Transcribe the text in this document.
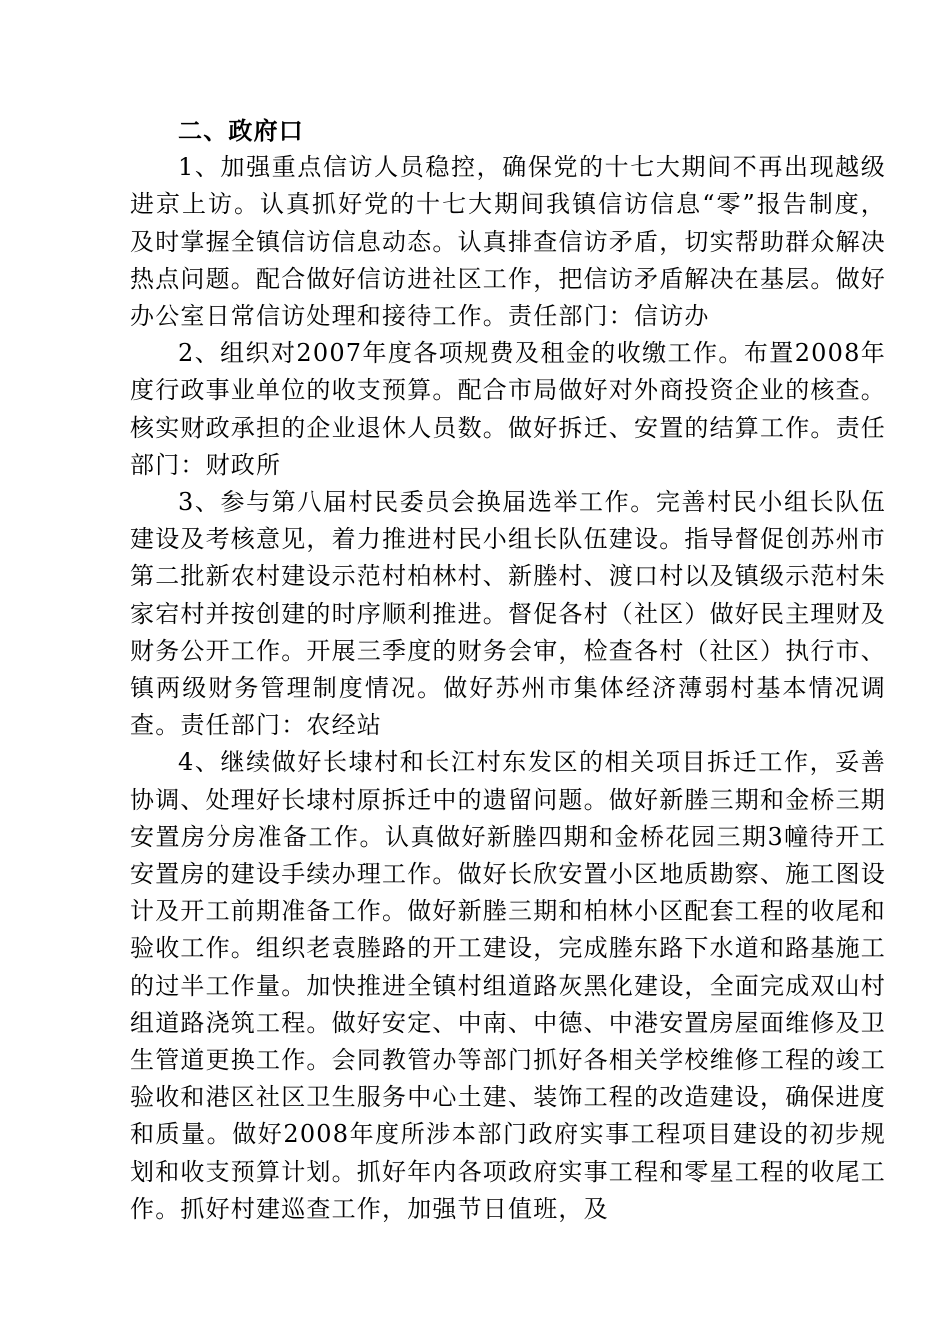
二、政府口

1、加强重点信访人员稳控，确保党的十七大期间不再出现越级进京上访。认真抓好党的十七大期间我镇信访信息“零”报告制度，及时掌握全镇信访信息动态。认真排查信访矛盾，切实帮助群众解决热点问题。配合做好信访进社区工作，把信访矛盾解决在基层。做好办公室日常信访处理和接待工作。责任部门：信访办

2、组织对2007年度各项规费及租金的收缴工作。布置2008年度行政事业单位的收支预算。配合市局做好对外商投资企业的核查。核实财政承担的企业退休人员数。做好拆迁、安置的结算工作。责任部门：财政所

3、参与第八届村民委员会换届选举工作。完善村民小组长队伍建设及考核意见，着力推进村民小组长队伍建设。指导督促创苏州市第二批新农村建设示范村柏林村、新塍村、渡口村以及镇级示范村朱家宕村并按创建的时序顺利推进。督促各村（社区）做好民主理财及财务公开工作。开展三季度的财务会审，检查各村（社区）执行市、镇两级财务管理制度情况。做好苏州市集体经济薄弱村基本情况调查。责任部门：农经站

4、继续做好长埭村和长江村东发区的相关项目拆迁工作，妥善协调、处理好长埭村原拆迁中的遗留问题。做好新塍三期和金桥三期安置房分房准备工作。认真做好新塍四期和金桥花园三期3幢待开工安置房的建设手续办理工作。做好长欣安置小区地质勘察、施工图设计及开工前期准备工作。做好新塍三期和柏林小区配套工程的收尾和验收工作。组织老袁塍路的开工建设，完成塍东路下水道和路基施工的过半工作量。加快推进全镇村组道路灰黑化建设，全面完成双山村组道路浇筑工程。做好安定、中南、中德、中港安置房屋面维修及卫生管道更换工作。会同教管办等部门抓好各相关学校维修工程的竣工验收和港区社区卫生服务中心土建、装饰工程的改造建设，确保进度和质量。做好2008年度所涉本部门政府实事工程项目建设的初步规划和收支预算计划。抓好年内各项政府实事工程和零星工程的收尾工作。抓好村建巡查工作，加强节日值班，及
